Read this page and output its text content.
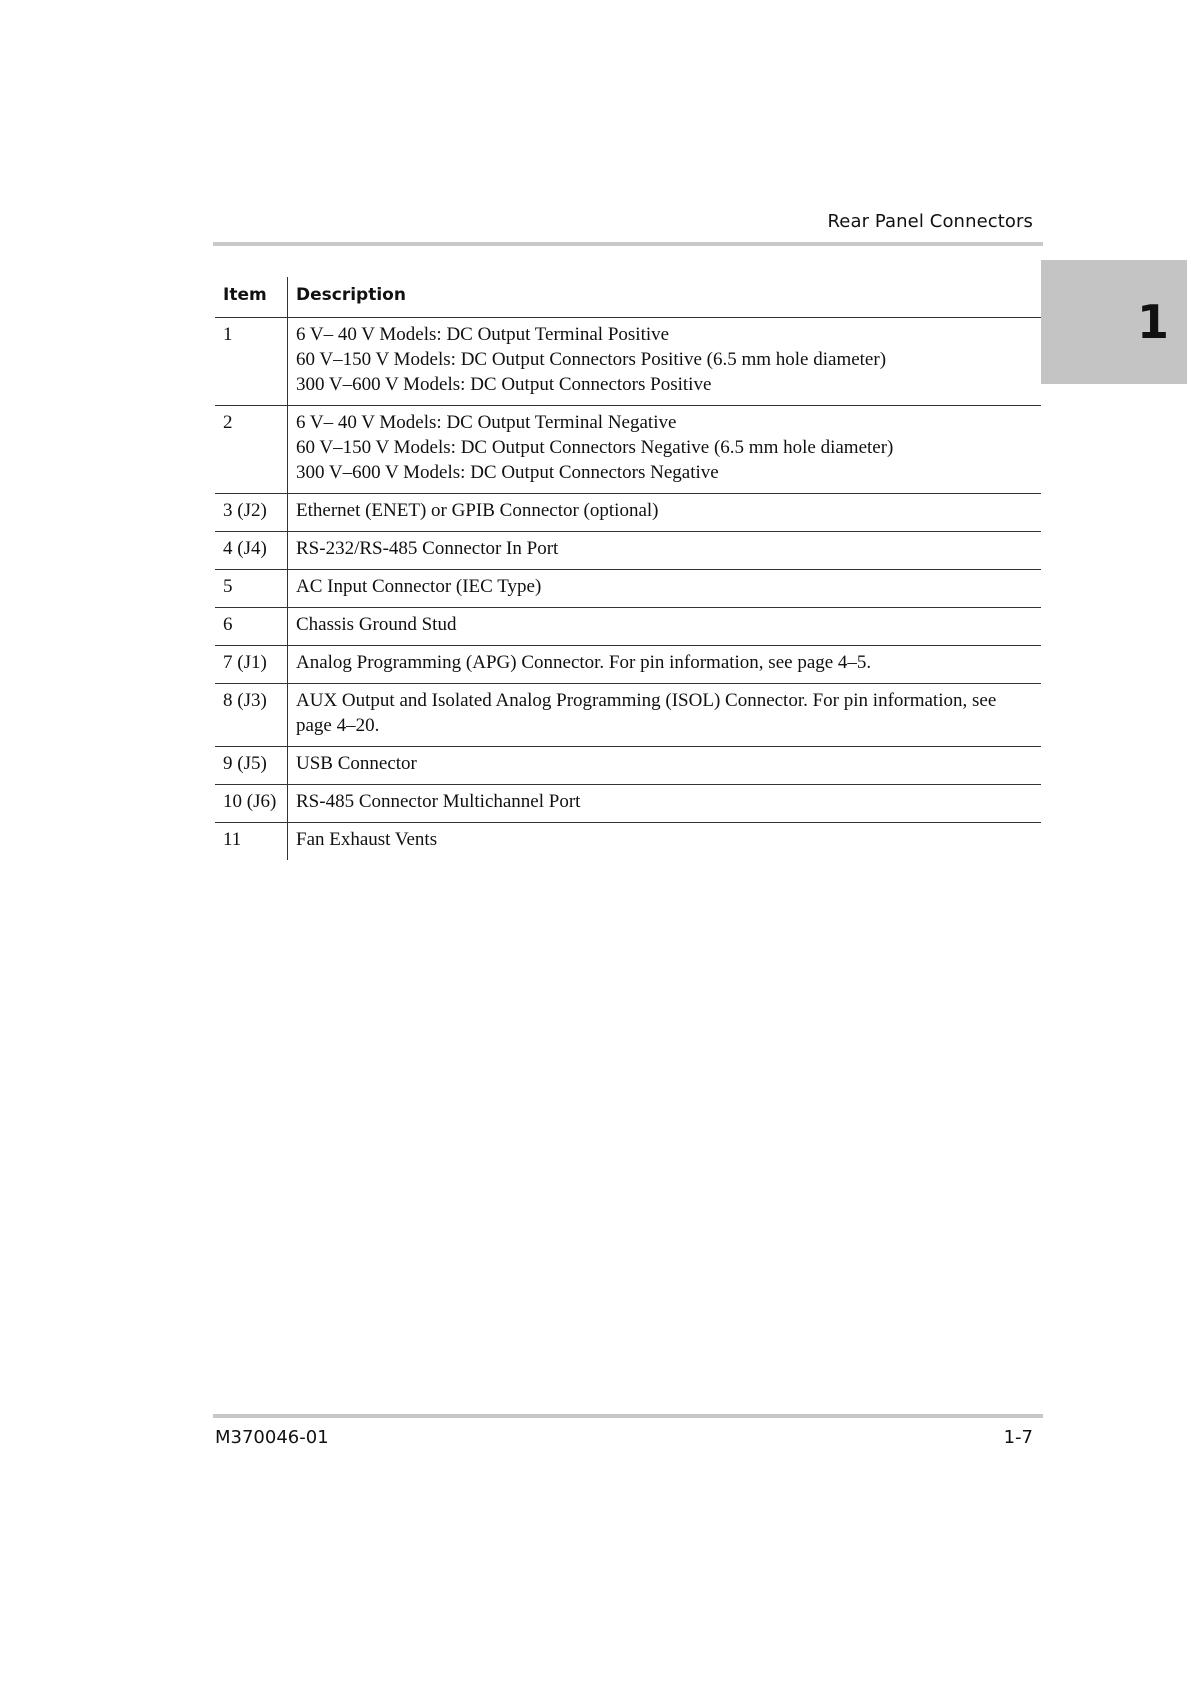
Rear Panel Connectors
1
Item	Description
1	6 V– 40 V Models: DC Output Terminal Positive
60 V–150 V Models: DC Output Connectors Positive (6.5 mm hole diameter)
300 V–600 V Models: DC Output Connectors Positive

2	6 V– 40 V Models: DC Output Terminal Negative
60 V–150 V Models: DC Output Connectors Negative (6.5 mm hole diameter)
300 V–600 V Models: DC Output Connectors Negative

3 (J2)	Ethernet (ENET) or GPIB Connector (optional)

4 (J4)	RS-232/RS-485 Connector In Port

5	AC Input Connector (IEC Type)

6	Chassis Ground Stud

7 (J1)	Analog Programming (APG) Connector. For pin information, see page 4–5.

8 (J3)	AUX Output and Isolated Analog Programming (ISOL) Connector. For pin information, see
page 4–20.

9 (J5)	USB Connector

10 (J6)	RS-485 Connector Multichannel Port

11	Fan Exhaust Vents
M370046-01	1-7
